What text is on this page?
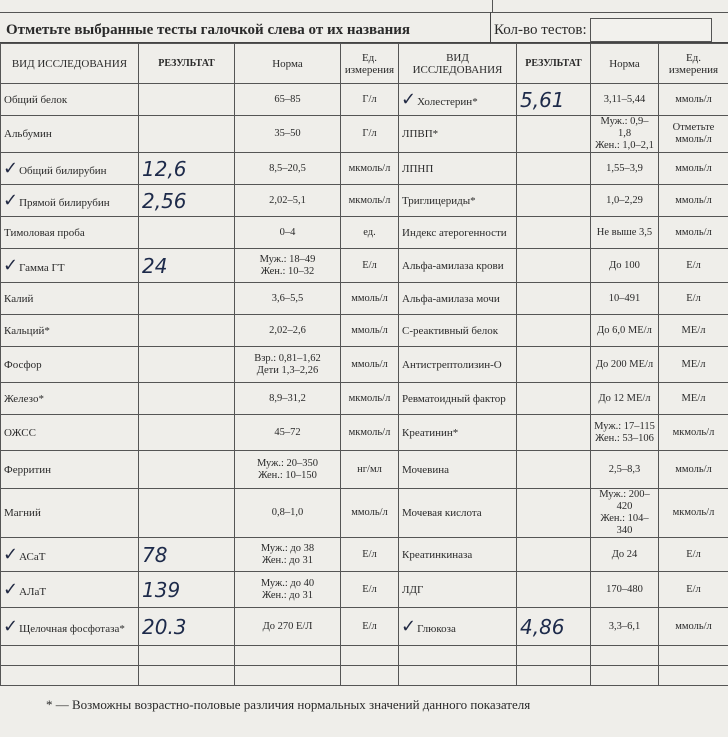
Отметьте выбранные тесты галочкой слева от их названия	Кол-во тестов:
ВИД ИССЛЕДОВАНИЯ	РЕЗУЛЬТАТ	Норма	Ед. измерения	ВИД ИССЛЕДОВАНИЯ	РЕЗУЛЬТАТ	Норма	Ед. измерения
Общий белок		65–85	Г/л	✓Холестерин*	5,61	3,11–5,44	ммоль/л
Альбумин		35–50	Г/л	ЛПВП*		Муж.: 0,9–1,8
Жен.: 1,0–2,1	Отметьте ммоль/л
✓Общий билирубин	12,6	8,5–20,5	мкмоль/л	ЛПНП		1,55–3,9	ммоль/л
✓Прямой билирубин	2,56	2,02–5,1	мкмоль/л	Триглицериды*		1,0–2,29	ммоль/л
Тимоловая проба		0–4	ед.	Индекс атерогенности		Не выше 3,5	ммоль/л
✓Гамма ГТ	24	Муж.: 18–49
Жен.: 10–32	Е/л	Альфа-амилаза крови		До 100	Е/л
Калий		3,6–5,5	ммоль/л	Альфа-амилаза мочи		10–491	Е/л
Кальций*		2,02–2,6	ммоль/л	С-реактивный белок		До 6,0 МЕ/л	МЕ/л
Фосфор		Взр.: 0,81–1,62
Дети 1,3–2,26	ммоль/л	Антистрептолизин-О		До 200 МЕ/л	МЕ/л
Железо*		8,9–31,2	мкмоль/л	Ревматоидный фактор		До 12 МЕ/л	МЕ/л
ОЖСС		45–72	мкмоль/л	Креатинин*		Муж.: 17–115
Жен.: 53–106	мкмоль/л
Ферритин		Муж.: 20–350
Жен.: 10–150	нг/мл	Мочевина		2,5–8,3	ммоль/л
Магний		0,8–1,0	ммоль/л	Мочевая кислота		Муж.: 200–420
Жен.: 104–340	мкмоль/л
✓АСаТ	78	Муж.: до 38
Жен.: до 31	Е/л	Креатинкиназа		До 24	Е/л
✓АЛаТ	139	Муж.: до 40
Жен.: до 31	Е/л	ЛДГ		170–480	Е/л
✓Щелочная фосфотаза*	20.3	До 270 Е/Л	Е/л	✓Глюкоза	4,86	3,3–6,1	ммоль/л

* — Возможны возрастно-половые различия нормальных значений данного показателя
